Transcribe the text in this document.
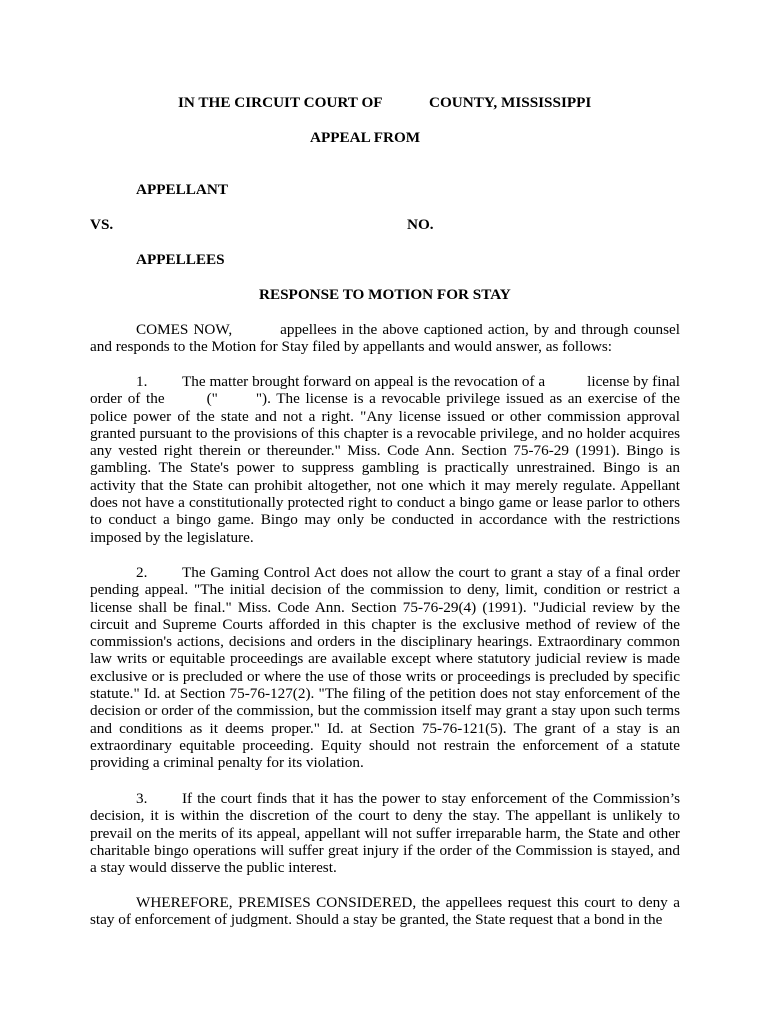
IN THE CIRCUIT COURT OF	COUNTY, MISSISSIPPI
APPEAL FROM
APPELLANT
VS.	NO.
APPELLEES
RESPONSE TO MOTION FOR STAY
COMES NOW,	appellees in the above captioned action, by and through counsel and responds to the Motion for Stay filed by appellants and would answer, as follows:
1. The matter brought forward on appeal is the revocation of a	license by final order of the	("	"). The license is a revocable privilege issued as an exercise of the police power of the state and not a right. "Any license issued or other commission approval granted pursuant to the provisions of this chapter is a revocable privilege, and no holder acquires any vested right therein or thereunder." Miss. Code Ann. Section 75-76-29 (1991). Bingo is gambling. The State's power to suppress gambling is practically unrestrained. Bingo is an activity that the State can prohibit altogether, not one which it may merely regulate. Appellant does not have a constitutionally protected right to conduct a bingo game or lease parlor to others to conduct a bingo game. Bingo may only be conducted in accordance with the restrictions imposed by the legislature.
2. The Gaming Control Act does not allow the court to grant a stay of a final order pending appeal. "The initial decision of the commission to deny, limit, condition or restrict a license shall be final." Miss. Code Ann. Section 75-76-29(4) (1991). "Judicial review by the circuit and Supreme Courts afforded in this chapter is the exclusive method of review of the commission's actions, decisions and orders in the disciplinary hearings. Extraordinary common law writs or equitable proceedings are available except where statutory judicial review is made exclusive or is precluded or where the use of those writs or proceedings is precluded by specific statute." Id. at Section 75-76-127(2). "The filing of the petition does not stay enforcement of the decision or order of the commission, but the commission itself may grant a stay upon such terms and conditions as it deems proper." Id. at Section 75-76-121(5). The grant of a stay is an extraordinary equitable proceeding. Equity should not restrain the enforcement of a statute providing a criminal penalty for its violation.
3. If the court finds that it has the power to stay enforcement of the Commission’s decision, it is within the discretion of the court to deny the stay. The appellant is unlikely to prevail on the merits of its appeal, appellant will not suffer irreparable harm, the State and other charitable bingo operations will suffer great injury if the order of the Commission is stayed, and a stay would disserve the public interest.
WHEREFORE, PREMISES CONSIDERED, the appellees request this court to deny a stay of enforcement of judgment. Should a stay be granted, the State request that a bond in the
